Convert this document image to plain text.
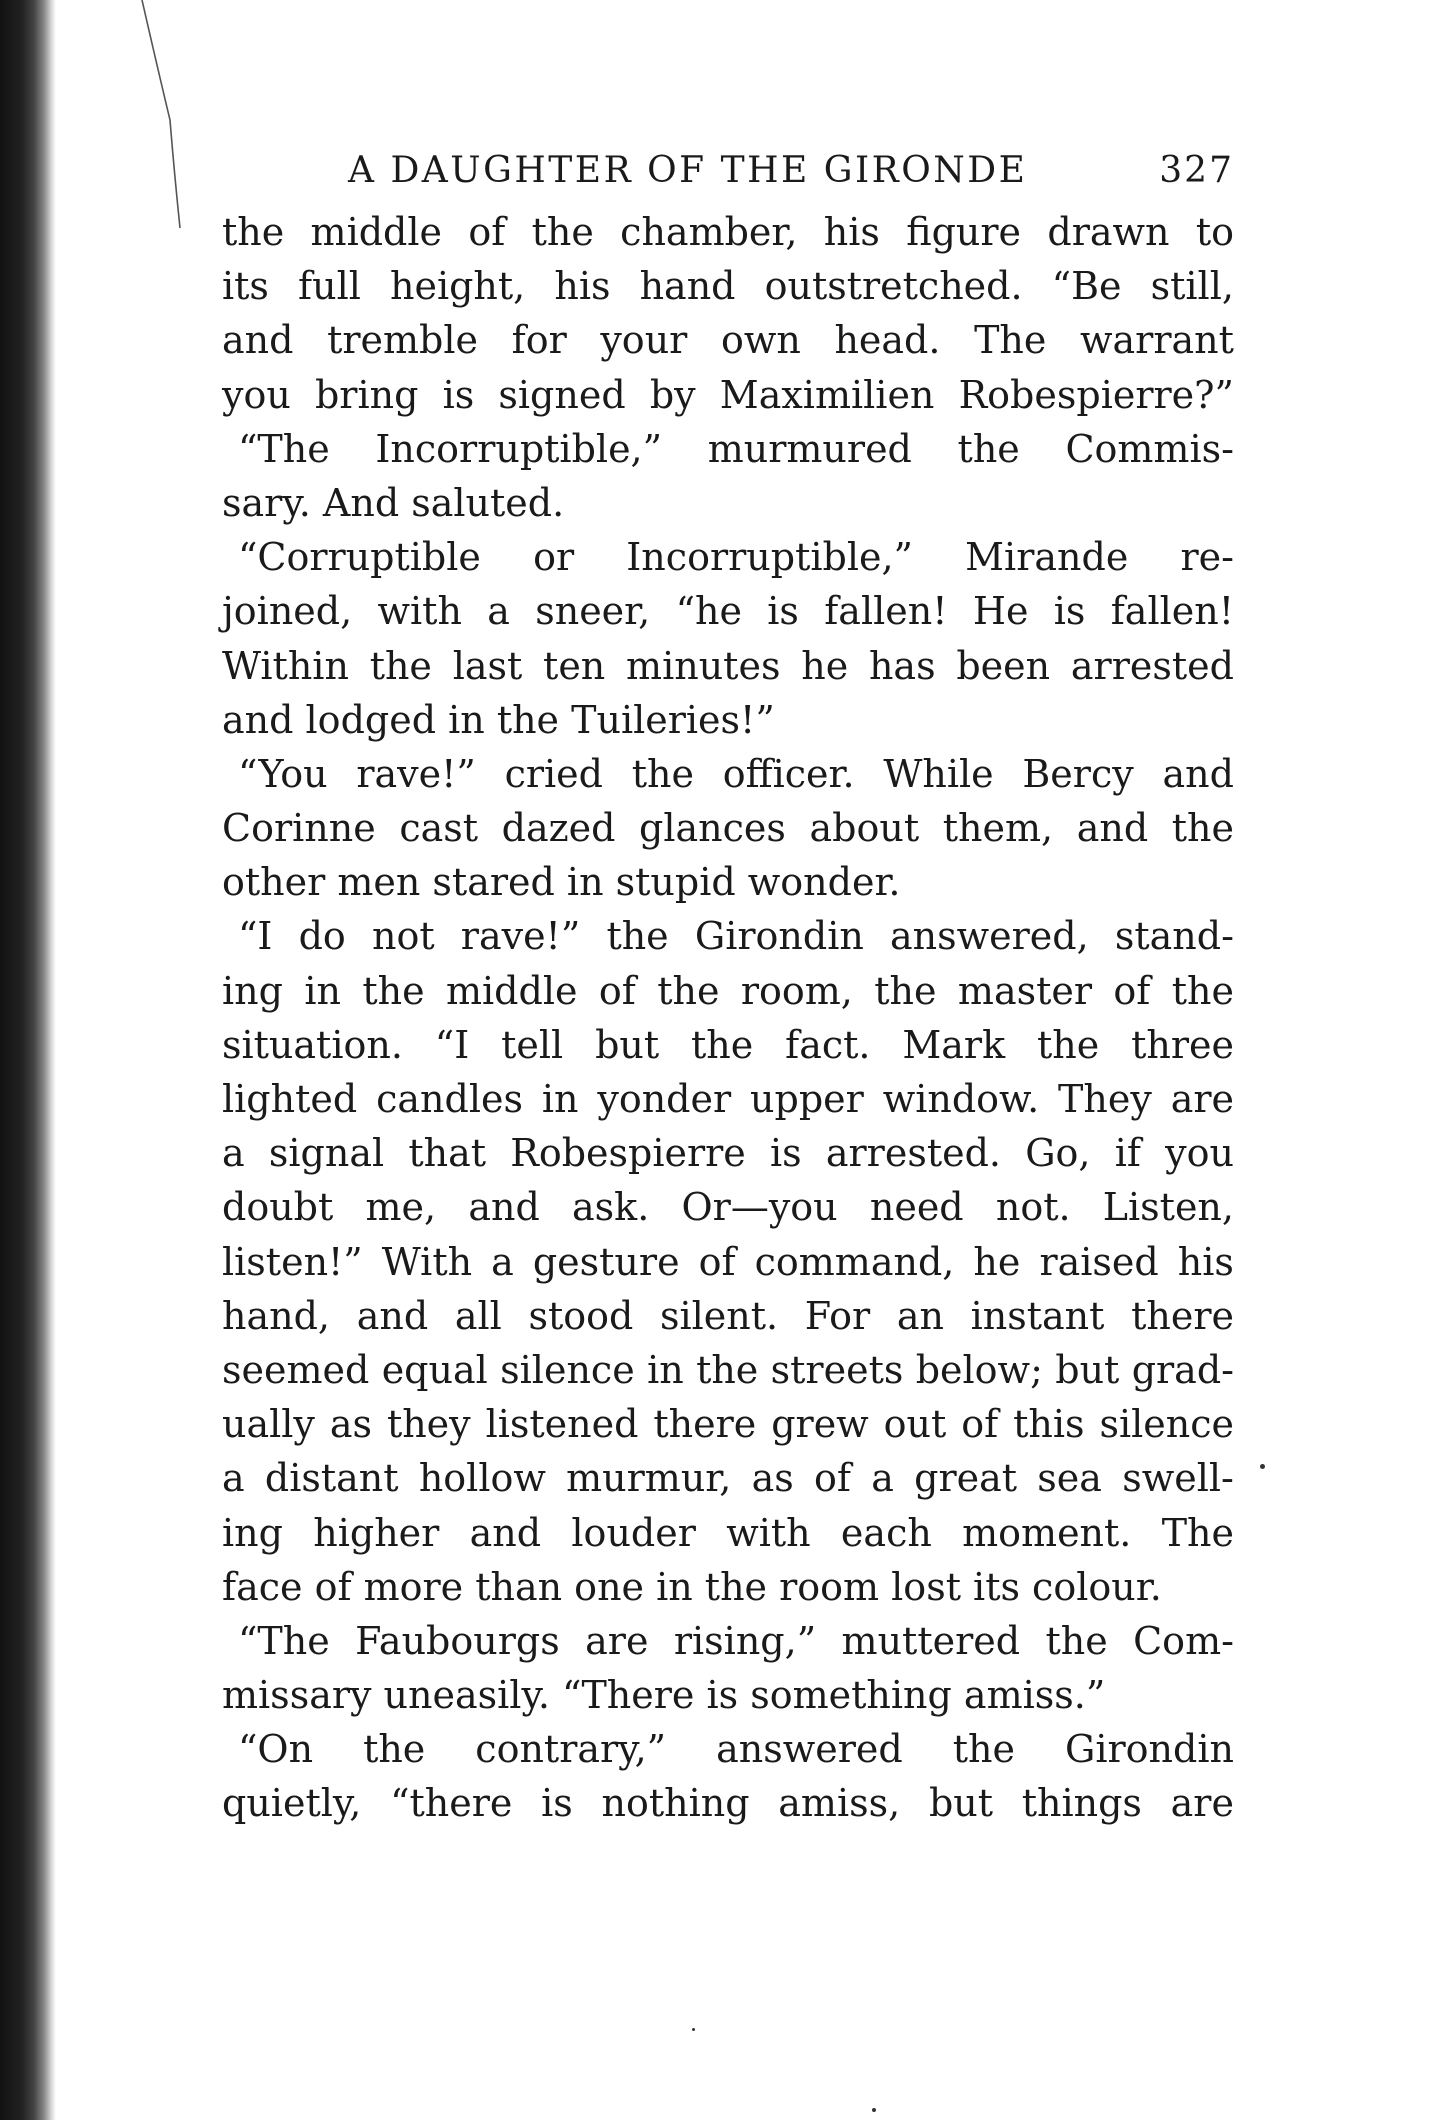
A DAUGHTER OF THE GIRONDE	327
the middle of the chamber, his figure drawn to
its full height, his hand outstretched. “Be still,
and tremble for your own head. The warrant
you bring is signed by Maximilien Robespierre?”
“The Incorruptible,” murmured the Commis-
sary. And saluted.
“Corruptible or Incorruptible,” Mirande re-
joined, with a sneer, “he is fallen! He is fallen!
Within the last ten minutes he has been arrested
and lodged in the Tuileries!”
“You rave!” cried the officer. While Bercy and
Corinne cast dazed glances about them, and the
other men stared in stupid wonder.
“I do not rave!” the Girondin answered, stand-
ing in the middle of the room, the master of the
situation. “I tell but the fact. Mark the three
lighted candles in yonder upper window. They are
a signal that Robespierre is arrested. Go, if you
doubt me, and ask. Or—you need not. Listen,
listen!” With a gesture of command, he raised his
hand, and all stood silent. For an instant there
seemed equal silence in the streets below; but grad-
ually as they listened there grew out of this silence
a distant hollow murmur, as of a great sea swell-
ing higher and louder with each moment. The
face of more than one in the room lost its colour.
“The Faubourgs are rising,” muttered the Com-
missary uneasily. “There is something amiss.”
“On the contrary,” answered the Girondin
quietly, “there is nothing amiss, but things are
